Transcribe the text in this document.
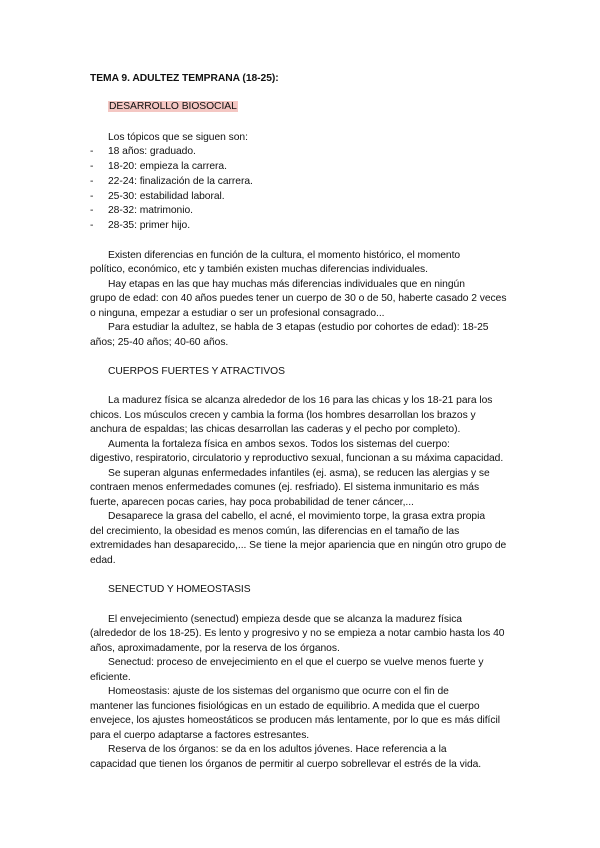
TEMA 9. ADULTEZ TEMPRANA (18-25):
DESARROLLO BIOSOCIAL
Los tópicos que se siguen son:
- 18 años: graduado.
- 18-20: empieza la carrera.
- 22-24: finalización de la carrera.
- 25-30: estabilidad laboral.
- 28-32: matrimonio.
- 28-35: primer hijo.
Existen diferencias en función de la cultura, el momento histórico, el momento
político, económico, etc y también existen muchas diferencias individuales.
Hay etapas en las que hay muchas más diferencias individuales que en ningún
grupo de edad: con 40 años puedes tener un cuerpo de 30 o de 50, haberte casado 2 veces
o ninguna, empezar a estudiar o ser un profesional consagrado...
Para estudiar la adultez, se habla de 3 etapas (estudio por cohortes de edad): 18-25
años; 25-40 años; 40-60 años.
CUERPOS FUERTES Y ATRACTIVOS
La madurez física se alcanza alrededor de los 16 para las chicas y los 18-21 para los
chicos. Los músculos crecen y cambia la forma (los hombres desarrollan los brazos y
anchura de espaldas; las chicas desarrollan las caderas y el pecho por completo).
Aumenta la fortaleza física en ambos sexos. Todos los sistemas del cuerpo:
digestivo, respiratorio, circulatorio y reproductivo sexual, funcionan a su máxima capacidad.
Se superan algunas enfermedades infantiles (ej. asma), se reducen las alergias y se
contraen menos enfermedades comunes (ej. resfriado). El sistema inmunitario es más
fuerte, aparecen pocas caries, hay poca probabilidad de tener cáncer,...
Desaparece la grasa del cabello, el acné, el movimiento torpe, la grasa extra propia
del crecimiento, la obesidad es menos común, las diferencias en el tamaño de las
extremidades han desaparecido,... Se tiene la mejor apariencia que en ningún otro grupo de
edad.
SENECTUD Y HOMEOSTASIS
El envejecimiento (senectud) empieza desde que se alcanza la madurez física
(alrededor de los 18-25). Es lento y progresivo y no se empieza a notar cambio hasta los 40
años, aproximadamente, por la reserva de los órganos.
Senectud: proceso de envejecimiento en el que el cuerpo se vuelve menos fuerte y
eficiente.
Homeostasis: ajuste de los sistemas del organismo que ocurre con el fin de
mantener las funciones fisiológicas en un estado de equilibrio. A medida que el cuerpo
envejece, los ajustes homeostáticos se producen más lentamente, por lo que es más difícil
para el cuerpo adaptarse a factores estresantes.
Reserva de los órganos: se da en los adultos jóvenes. Hace referencia a la
capacidad que tienen los órganos de permitir al cuerpo sobrellevar el estrés de la vida.
